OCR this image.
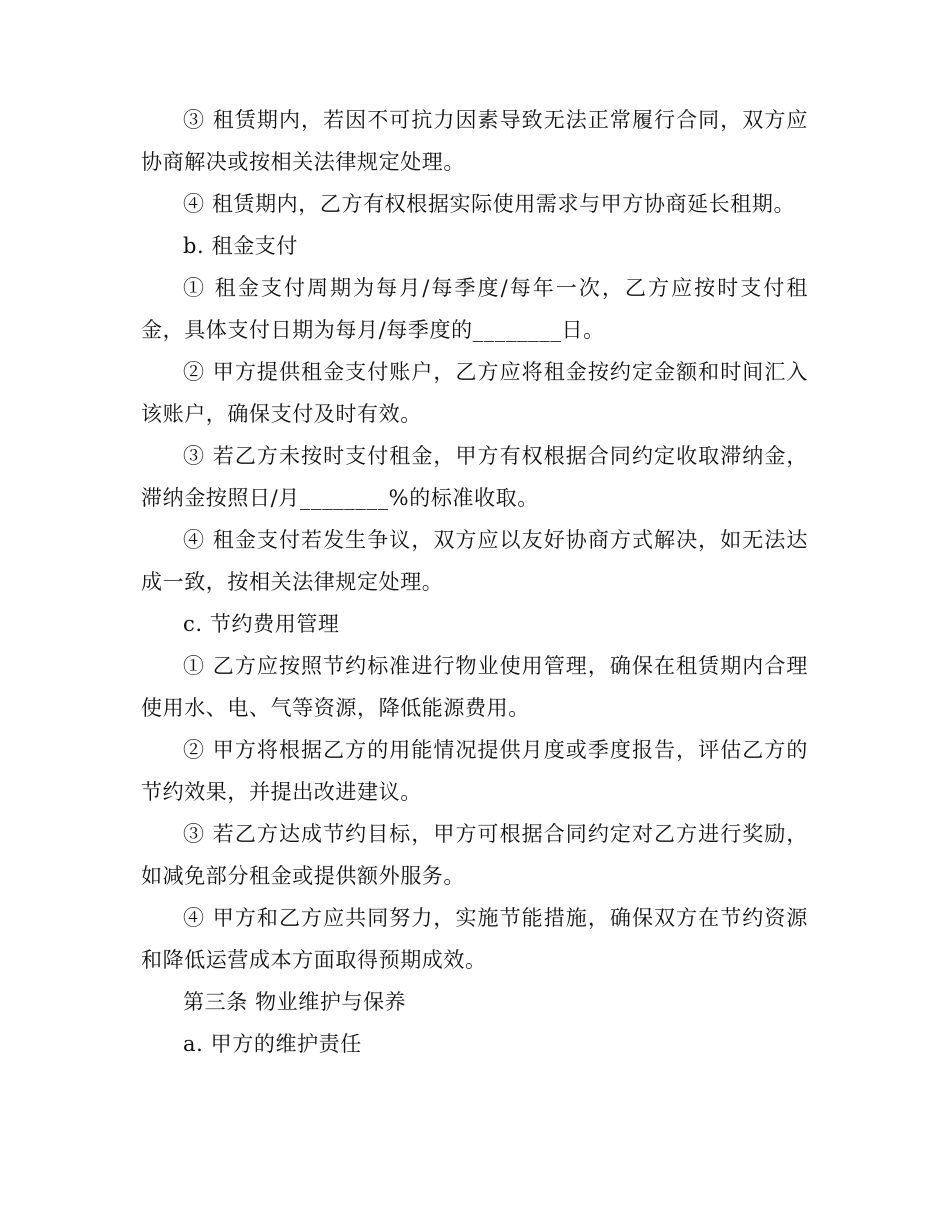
③ 租赁期内，若因不可抗力因素导致无法正常履行合同，双方应协商解决或按相关法律规定处理。

④ 租赁期内，乙方有权根据实际使用需求与甲方协商延长租期。

b. 租金支付

① 租金支付周期为每月/每季度/每年一次，乙方应按时支付租金，具体支付日期为每月/每季度的________日。

② 甲方提供租金支付账户，乙方应将租金按约定金额和时间汇入该账户，确保支付及时有效。

③ 若乙方未按时支付租金，甲方有权根据合同约定收取滞纳金，滞纳金按照日/月________%的标准收取。

④ 租金支付若发生争议，双方应以友好协商方式解决，如无法达成一致，按相关法律规定处理。

c. 节约费用管理

① 乙方应按照节约标准进行物业使用管理，确保在租赁期内合理使用水、电、气等资源，降低能源费用。

② 甲方将根据乙方的用能情况提供月度或季度报告，评估乙方的节约效果，并提出改进建议。

③ 若乙方达成节约目标，甲方可根据合同约定对乙方进行奖励，如减免部分租金或提供额外服务。

④ 甲方和乙方应共同努力，实施节能措施，确保双方在节约资源和降低运营成本方面取得预期成效。

第三条 物业维护与保养

a. 甲方的维护责任
